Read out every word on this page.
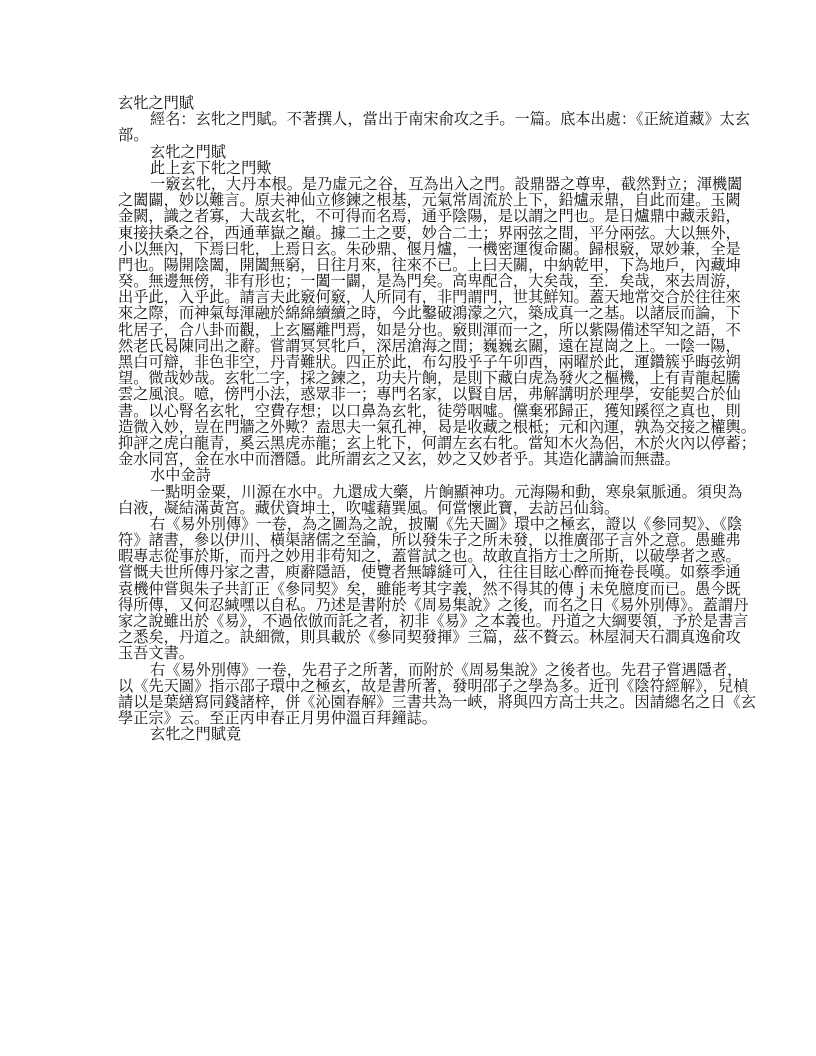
玄牝之門賦
經名：玄牝之門賦。不著撰人，當出于南宋俞攻之手。一篇。底本出處：《正統道藏》太玄
部。
玄牝之門賦
此上玄下牝之門歟
一竅玄牝，大丹本根。是乃虛元之谷，互為出入之門。設鼎器之尊卑，截然對立；渾機闔
之闔闢，妙以難言。原夫神仙立修鍊之根基，元氣常周流於上下，鉛爐汞鼎，自此而建。玉闕
金闕，識之者寡，大哉玄牝，不可得而名焉，通乎陰陽，是以謂之門也。是日爐鼎中藏汞鉛，
東接扶桑之谷，西通華嶽之巔。據二土之要，妙合二土；界兩弦之間，平分兩弦。大以無外，
小以無內，下焉曰牝，上焉日玄。朱砂鼎、偃月爐，一機密運復命關。歸根竅，眾妙兼，全是
門也。陽開陰闔，開闔無窮，日往月來，往來不已。上曰天關，中納乾甲，下為地戶，內藏坤
癸。無邊無傍，非有形也；一闔一闢，是為門矣。高卑配合，大矣哉，至．矣哉，來去周游，
出乎此，入乎此。請言夫此竅何竅，人所同有，非門謂門，世其鮮知。蓋天地常交合於往往來
來之際，而神氣每渾融於綿綿續續之時，今此鑿破鴻濛之穴，築成真一之基。以諸辰而論，下
牝居子，合八卦而觀，上玄屬離門焉，如是分也。竅則渾而一之，所以紫陽備述罕知之語，不
然老氏曷陳同出之辭。嘗謂冥冥牝戶，深居滄海之間；巍巍玄關，遠在崑崗之上。一陰一陽，
黑白可辯，非色非空，丹青難狀。四正於此，布勾股乎子午卯酉，兩曜於此，運鑽簇乎晦弦朔
望。微哉妙哉。玄牝二字，採之鍊之，功夫片餉，是則下藏白虎為發火之樞機，上有青龍起騰
雲之風浪。噫，傍門小法，惑眾非一；專門名家，以賢自居，弗解講明於理學，安能契合於仙
書。以心腎名玄牝，空費存想；以口鼻為玄牝，徒勞咽噓。儻棄邪歸正，獲知蹊徑之真也，則
造微入妙，豈在門牆之外歟？盍思夫一氣孔神，曷是收藏之根柢；元和內運，孰為交接之權輿。
抑評之虎白龍青，奚云黑虎赤龍；玄上牝下，何謂左玄右牝。當知木火為侶，木於火內以停蓄；
金水同宮，金在水中而潛隱。此所謂玄之又玄，妙之又妙者乎。其造化講論而無盡。
水中金詩
一點明金粟，川源在水中。九還成大藥，片餉顯神功。元海陽和動，寒泉氣脈通。須臾為
白液，凝結滿黃宮。藏伏資坤土，吹噓藉巽風。何當懷此寶，去訪呂仙翁。
右《易外別傳》一卷，為之圖為之說，披闡《先天圖》環中之極玄，證以《參同契》、《陰
符》諸書，參以伊川、橫渠諸儒之至論，所以發朱子之所未發，以推廣邵子言外之意。愚雖弗
暇專志從事於斯，而丹之妙用非苟知之，蓋嘗試之也。故敢直指方士之所斯，以破學者之惑。
嘗慨夫世所傳丹家之書，庾辭隱語，使覽者無罅縫可入，往往目眩心醉而掩卷長嘆。如蔡季通
袁機仲嘗與朱子共訂正《參同契》矣，雖能考其字義，然不得其的傳ｊ未免臆度而已。愚今既
得所傳，又何忍緘嘿以自私。乃述是書附於《周易集說》之後，而名之日《易外別傳》。蓋謂丹
家之說雖出於《易》，不過依倣而託之者，初非《易》之本義也。丹道之大綱要領，予於是書言
之悉矣，丹道之。訣細微，則具載於《參同契發揮》三篇，茲不贅云。林屋洞天石澗真逸俞攻
玉吾文書。
右《易外別傳》一卷，先君子之所著，而附於《周易集說》之後者也。先君子嘗遇隱者，
以《先天圖》指示邵子環中之極玄，故是書所著，發明邵子之學為多。近刊《陰符經解》，兒楨
請以是葉繕寫同錢諸梓，併《沁園春解》三書共為一峽，將與四方高士共之。因請總名之日《玄
學正宗》云。至正丙申春正月男仲溫百拜鐘誌。
玄牝之門賦竟
